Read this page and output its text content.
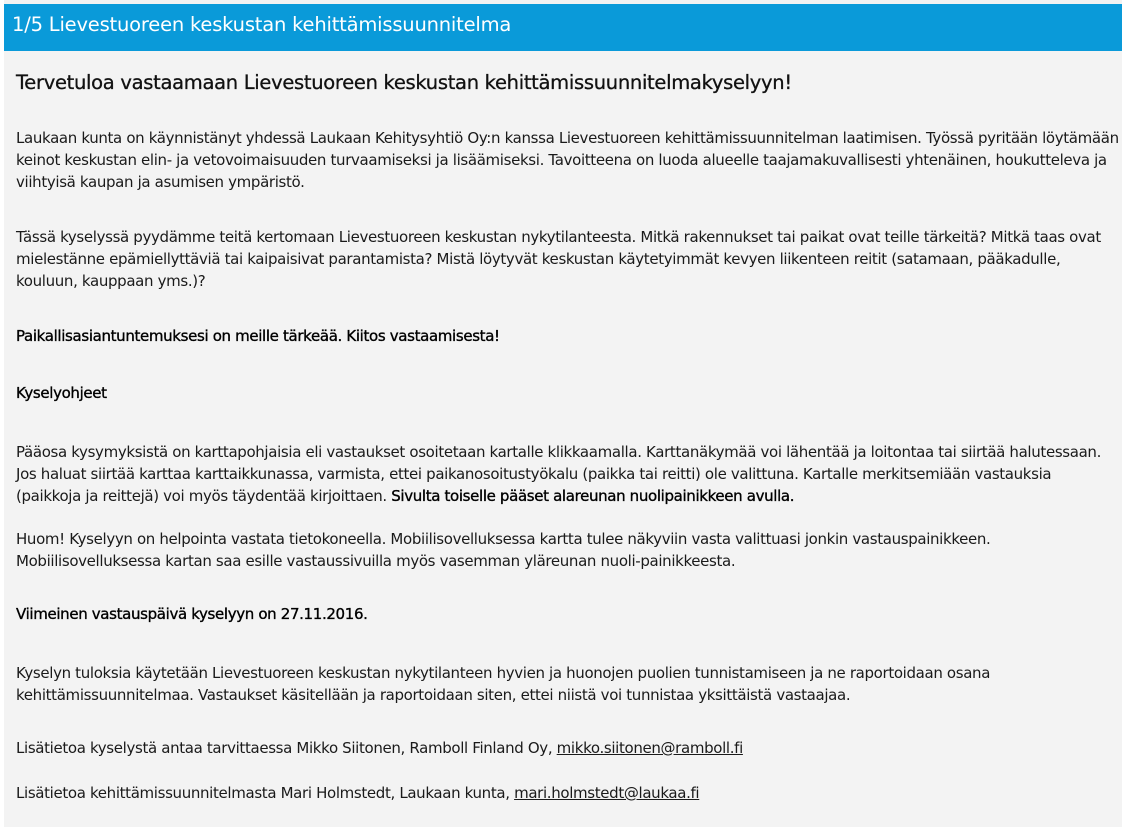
1/5 Lievestuoreen keskustan kehittämissuunnitelma
Tervetuloa vastaamaan Lievestuoreen keskustan kehittämissuunnitelmakyselyyn!

Laukaan kunta on käynnistänyt yhdessä Laukaan Kehitysyhtiö Oy:n kanssa Lievestuoreen kehittämissuunnitelman laatimisen. Työssä pyritään löytämään keinot keskustan elin- ja vetovoimaisuuden turvaamiseksi ja lisäämiseksi. Tavoitteena on luoda alueelle taajamakuvallisesti yhtenäinen, houkutteleva ja viihtyisä kaupan ja asumisen ympäristö.

Tässä kyselyssä pyydämme teitä kertomaan Lievestuoreen keskustan nykytilanteesta. Mitkä rakennukset tai paikat ovat teille tärkeitä? Mitkä taas ovat mielestänne epämiellyttäviä tai kaipaisivat parantamista? Mistä löytyvät keskustan käytetyimmät kevyen liikenteen reitit (satamaan, pääkadulle, kouluun, kauppaan yms.)?

Paikallisasiantuntemuksesi on meille tärkeää. Kiitos vastaamisesta!

Kyselyohjeet

Pääosa kysymyksistä on karttapohjaisia eli vastaukset osoitetaan kartalle klikkaamalla. Karttanäkymää voi lähentää ja loitontaa tai siirtää halutessaan. Jos haluat siirtää karttaa karttaikkunassa, varmista, ettei paikanosoitustyökalu (paikka tai reitti) ole valittuna. Kartalle merkitsemiään vastauksia (paikkoja ja reittejä) voi myös täydentää kirjoittaen. Sivulta toiselle pääset alareunan nuolipainikkeen avulla.

Huom! Kyselyyn on helpointa vastata tietokoneella. Mobiilisovelluksessa kartta tulee näkyviin vasta valittuasi jonkin vastauspainikkeen. Mobiilisovelluksessa kartan saa esille vastaussivuilla myös vasemman yläreunan nuoli-painikkeesta.

Viimeinen vastauspäivä kyselyyn on 27.11.2016.

Kyselyn tuloksia käytetään Lievestuoreen keskustan nykytilanteen hyvien ja huonojen puolien tunnistamiseen ja ne raportoidaan osana kehittämissuunnitelmaa. Vastaukset käsitellään ja raportoidaan siten, ettei niistä voi tunnistaa yksittäistä vastaajaa.

Lisätietoa kyselystä antaa tarvittaessa Mikko Siitonen, Ramboll Finland Oy, mikko.siitonen@ramboll.fi

Lisätietoa kehittämissuunnitelmasta Mari Holmstedt, Laukaan kunta, mari.holmstedt@laukaa.fi
